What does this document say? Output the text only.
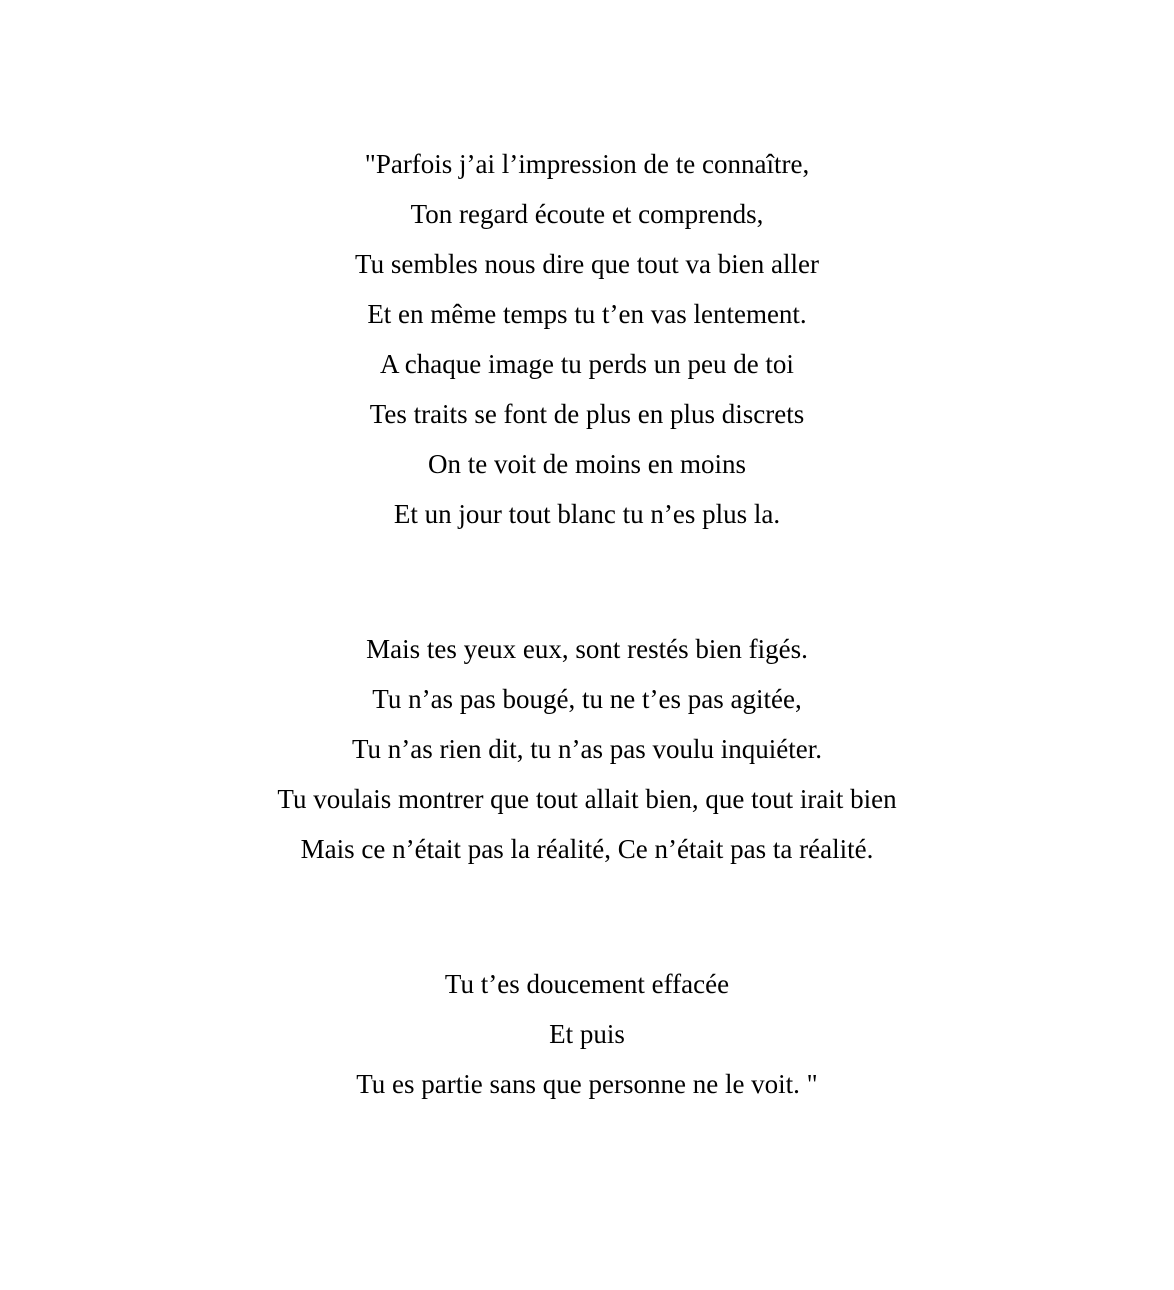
"Parfois j’ai l’impression de te connaître,
Ton regard écoute et comprends,
Tu sembles nous dire que tout va bien aller
Et en même temps tu t’en vas lentement.
A chaque image tu perds un peu de toi
Tes traits se font de plus en plus discrets
On te voit de moins en moins
Et un jour tout blanc tu n’es plus la.
Mais tes yeux eux, sont restés bien figés.
Tu n’as pas bougé, tu ne t’es pas agitée,
Tu n’as rien dit, tu n’as pas voulu inquiéter.
Tu voulais montrer que tout allait bien, que tout irait bien
Mais ce n’était pas la réalité, Ce n’était pas ta réalité.
Tu t’es doucement effacée
Et puis
Tu es partie sans que personne ne le voit. "
